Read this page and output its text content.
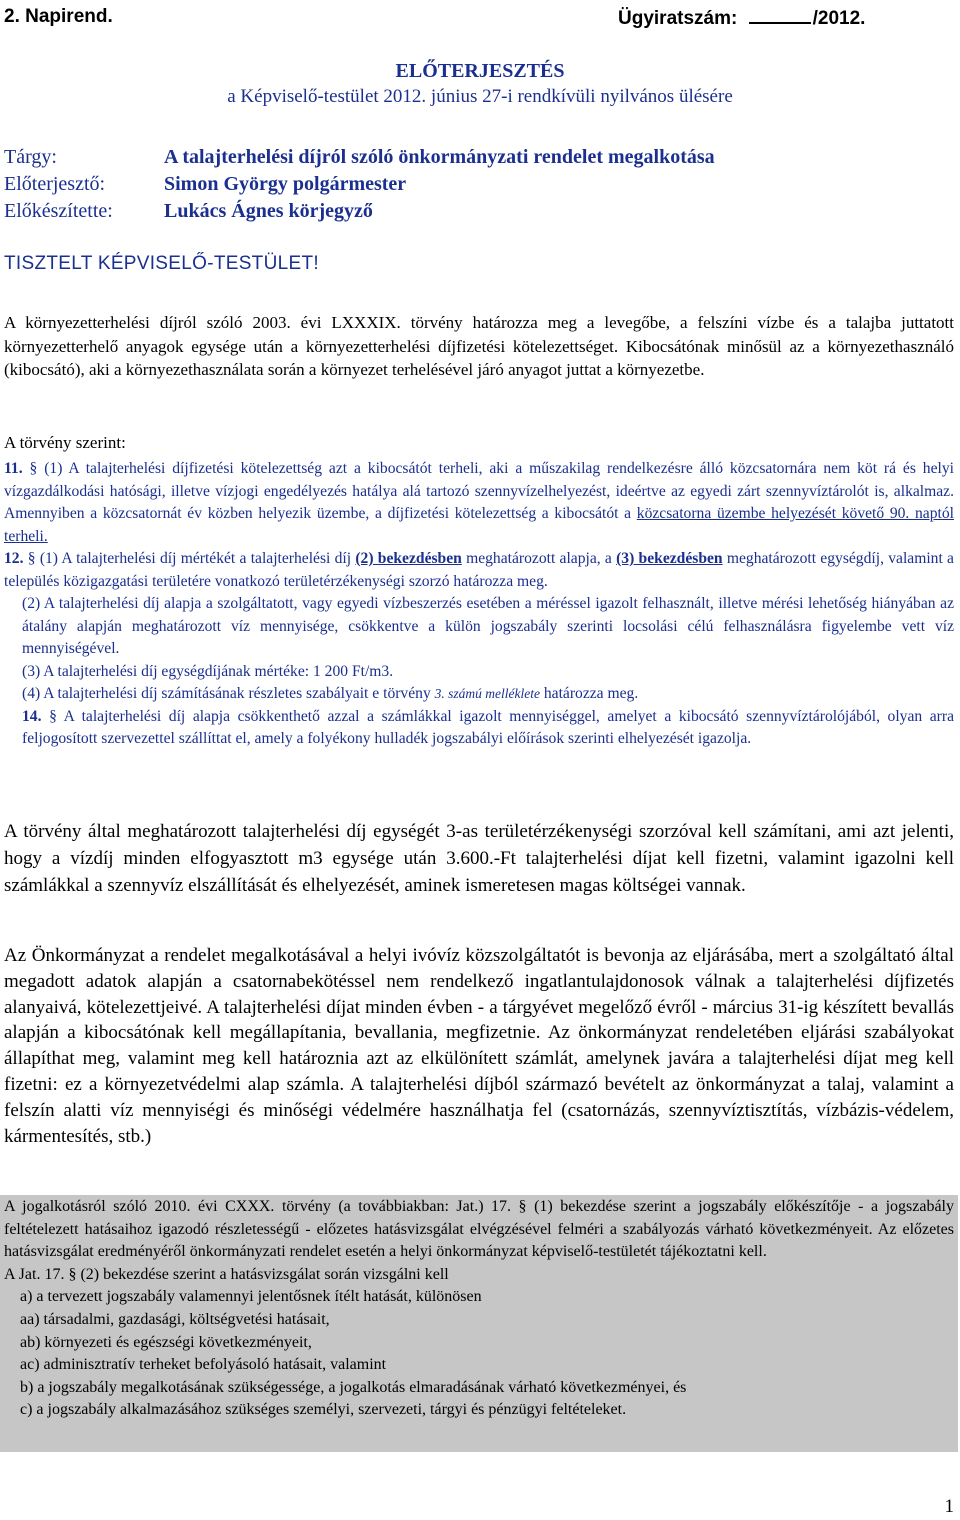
2. Napirend.	Ügyiratszám:	/2012.
ELŐTERJESZTÉS
a Képviselő-testület 2012. június 27-i rendkívüli nyilvános ülésére
Tárgy:	A talajterhelési díjról szóló önkormányzati rendelet megalkotása
Előterjesztő:	Simon György polgármester
Előkészítette:	Lukács Ágnes körjegyző
TISZTELT KÉPVISELŐ-TESTÜLET!
A környezetterhelési díjról szóló 2003. évi LXXXIX. törvény határozza meg a levegőbe, a felszíni vízbe és a talajba juttatott környezetterhelő anyagok egysége után a környezetterhelési díjfizetési kötelezettséget. Kibocsátónak minősül az a környezethasználó (kibocsátó), aki a környezethasználata során a környezet terhelésével járó anyagot juttat a környezetbe.
A törvény szerint:

11. § (1) A talajterhelési díjfizetési kötelezettség azt a kibocsátót terheli, aki a műszakilag rendelkezésre álló közcsatornára nem köt rá és helyi vízgazdálkodási hatósági, illetve vízjogi engedélyezés hatálya alá tartozó szennyvízelhelyezést, ideértve az egyedi zárt szennyvíztárolót is, alkalmaz. Amennyiben a közcsatornát év közben helyezik üzembe, a díjfizetési kötelezettség a kibocsátót a közcsatorna üzembe helyezését követő 90. naptól terheli.

12. § (1) A talajterhelési díj mértékét a talajterhelési díj (2) bekezdésben meghatározott alapja, a (3) bekezdésben meghatározott egységdíj, valamint a település közigazgatási területére vonatkozó területérzékenységi szorzó határozza meg.

(2) A talajterhelési díj alapja a szolgáltatott, vagy egyedi vízbeszerzés esetében a méréssel igazolt felhasznált, illetve mérési lehetőség hiányában az átalány alapján meghatározott víz mennyisége, csökkentve a külön jogszabály szerinti locsolási célú felhasználásra figyelembe vett víz mennyiségével.

(3) A talajterhelési díj egységdíjának mértéke: 1 200 Ft/m3.

(4) A talajterhelési díj számításának részletes szabályait e törvény 3. számú melléklete határozza meg.

14. § A talajterhelési díj alapja csökkenthető azzal a számlákkal igazolt mennyiséggel, amelyet a kibocsátó szennyvíztárolójából, olyan arra feljogosított szervezettel szállíttat el, amely a folyékony hulladék jogszabályi előírások szerinti elhelyezését igazolja.

A törvény által meghatározott talajterhelési díj egységét 3-as területérzékenységi szorzóval kell számítani, ami azt jelenti, hogy a vízdíj minden elfogyasztott m3 egysége után 3.600.-Ft talajterhelési díjat kell fizetni, valamint igazolni kell számlákkal a szennyvíz elszállítását és elhelyezését, aminek ismeretesen magas költségei vannak.
Az Önkormányzat a rendelet megalkotásával a helyi ivóvíz közszolgáltatót is bevonja az eljárásába, mert a szolgáltató által megadott adatok alapján a csatornabekötéssel nem rendelkező ingatlantulajdonosok válnak a talajterhelési díjfizetés alanyaivá, kötelezettjeivé. A talajterhelési díjat minden évben - a tárgyévet megelőző évről - március 31-ig készített bevallás alapján a kibocsátónak kell megállapítania, bevallania, megfizetnie. Az önkormányzat rendeletében eljárási szabályokat állapíthat meg, valamint meg kell határoznia azt az elkülönített számlát, amelynek javára a talajterhelési díjat meg kell fizetni: ez a környezetvédelmi alap számla. A talajterhelési díjból származó bevételt az önkormányzat a talaj, valamint a felszín alatti víz mennyiségi és minőségi védelmére használhatja fel (csatornázás, szennyvíztisztítás, vízbázis-védelem, kármentesítés, stb.)

A jogalkotásról szóló 2010. évi CXXX. törvény (a továbbiakban: Jat.) 17. § (1) bekezdése szerint a jogszabály előkészítője - a jogszabály feltételezett hatásaihoz igazodó részletességű - előzetes hatásvizsgálat elvégzésével felméri a szabályozás várható következményeit. Az előzetes hatásvizsgálat eredményéről önkormányzati rendelet esetén a helyi önkormányzat képviselő-testületét tájékoztatni kell.

A Jat. 17. § (2) bekezdése szerint a hatásvizsgálat során vizsgálni kell

a) a tervezett jogszabály valamennyi jelentősnek ítélt hatását, különösen

aa) társadalmi, gazdasági, költségvetési hatásait,

ab) környezeti és egészségi következményeit,

ac) adminisztratív terheket befolyásoló hatásait, valamint

b) a jogszabály megalkotásának szükségessége, a jogalkotás elmaradásának várható következményei, és

c) a jogszabály alkalmazásához szükséges személyi, szervezeti, tárgyi és pénzügyi feltételeket.

1
